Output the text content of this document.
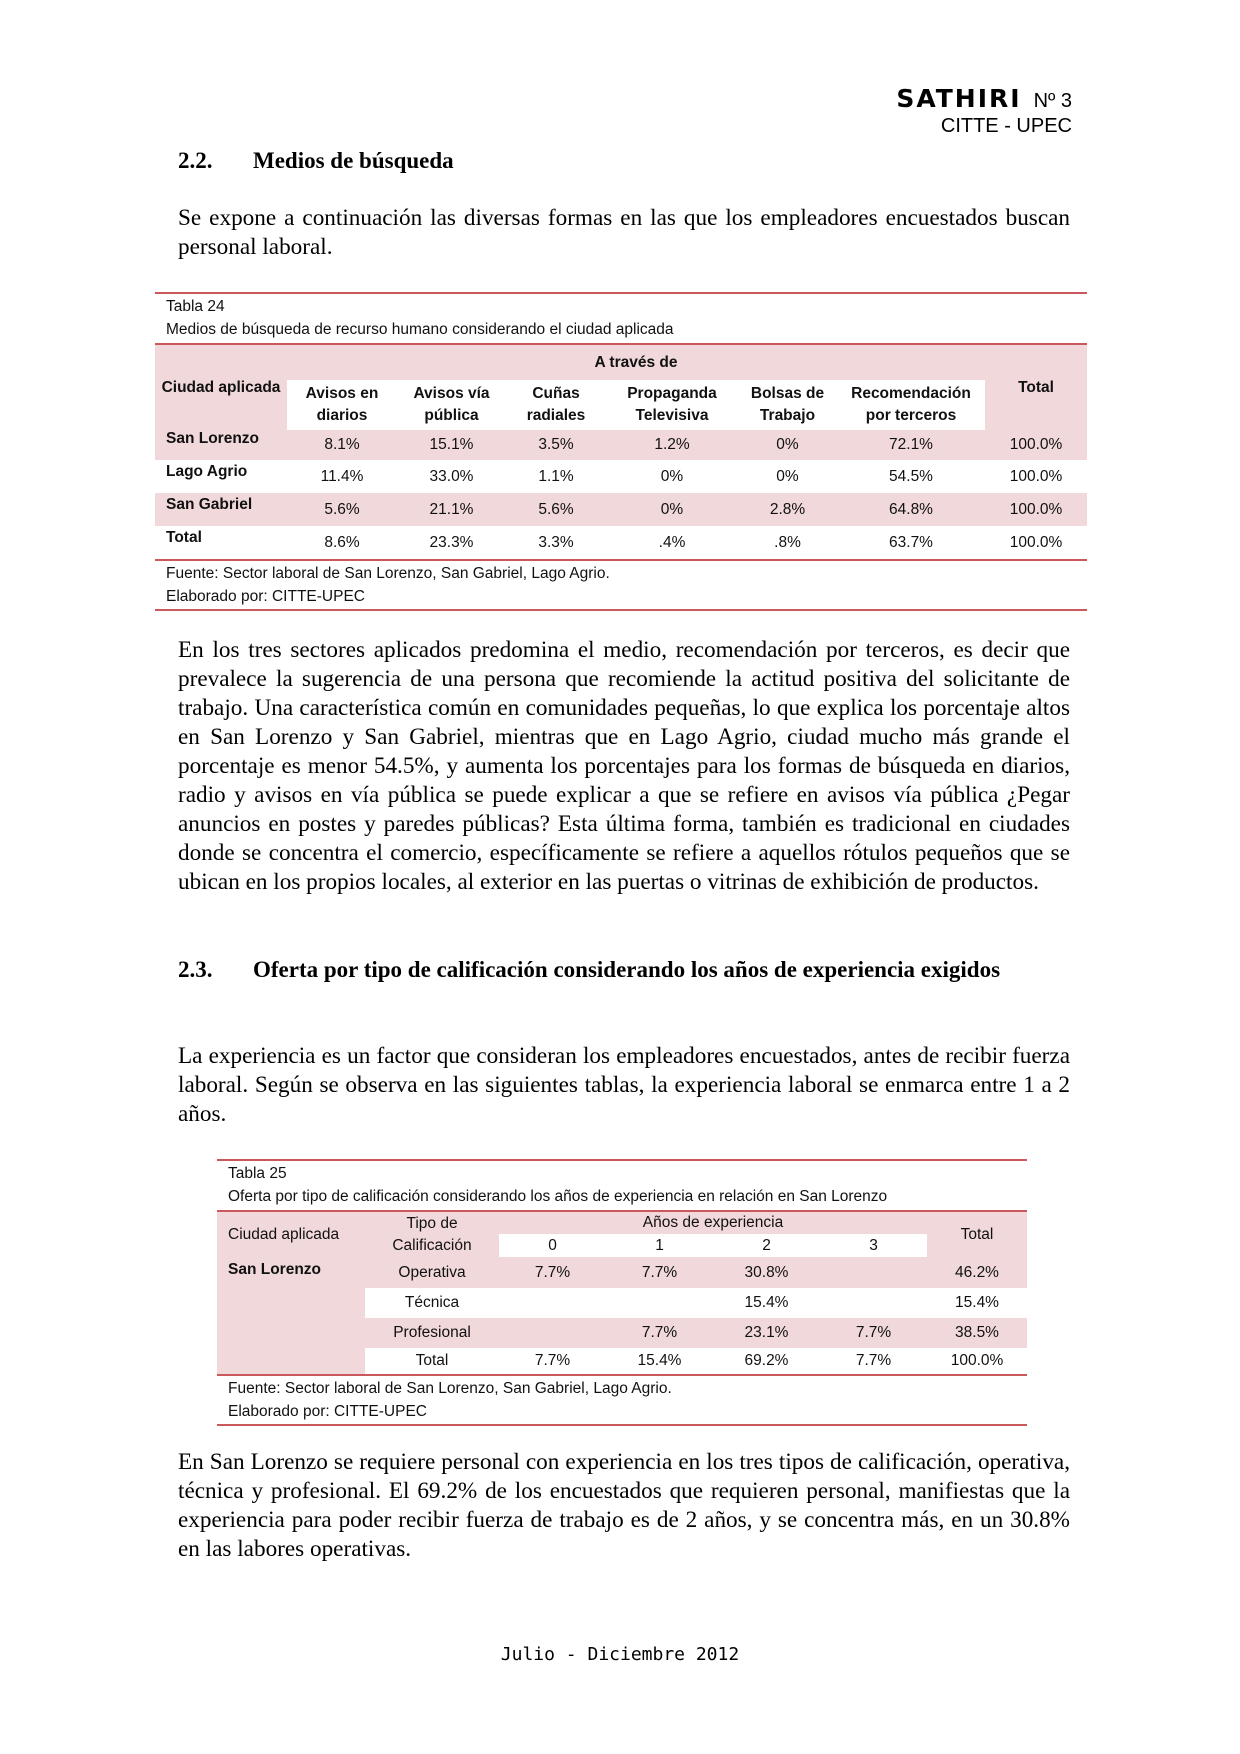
SATHIRI Nº 3
CITTE - UPEC
2.2. Medios de búsqueda

Se expone a continuación las diversas formas en las que los empleadores encuestados buscan personal laboral.

Tabla 24
Medios de búsqueda de recurso humano considerando el ciudad aplicada
Ciudad aplicada	A través de						Total
	Avisos en diarios	Avisos vía pública	Cuñas radiales	Propaganda Televisiva	Bolsas de Trabajo	Recomendación por terceros	
San Lorenzo	8.1%	15.1%	3.5%	1.2%	0%	72.1%	100.0%
Lago Agrio	11.4%	33.0%	1.1%	0%	0%	54.5%	100.0%
San Gabriel	5.6%	21.1%	5.6%	0%	2.8%	64.8%	100.0%
Total	8.6%	23.3%	3.3%	.4%	.8%	63.7%	100.0%
Fuente: Sector laboral de San Lorenzo, San Gabriel, Lago Agrio.
Elaborado por: CITTE-UPEC

En los tres sectores aplicados predomina el medio, recomendación por terceros, es decir que prevalece la sugerencia de una persona que recomiende la actitud positiva del solicitante de trabajo. Una característica común en comunidades pequeñas, lo que explica los porcentaje altos en San Lorenzo y San Gabriel, mientras que en Lago Agrio, ciudad mucho más grande el porcentaje es menor 54.5%, y aumenta los porcentajes para los formas de búsqueda en diarios, radio y avisos en vía pública se puede explicar a que se refiere en avisos vía pública ¿Pegar anuncios en postes y paredes públicas? Esta última forma, también es tradicional en ciudades donde se concentra el comercio, específicamente se refiere a aquellos rótulos pequeños que se ubican en los propios locales, al exterior en las puertas o vitrinas de exhibición de productos.

2.3. Oferta por tipo de calificación considerando los años de experiencia exigidos

La experiencia es un factor que consideran los empleadores encuestados, antes de recibir fuerza laboral. Según se observa en las siguientes tablas, la experiencia laboral se enmarca entre 1 a 2 años.

Tabla 25
Oferta por tipo de calificación considerando los años de experiencia en relación en San Lorenzo
Ciudad aplicada	Tipo de Calificación	Años de experiencia				Total
		0	1	2	3	
San Lorenzo	Operativa	7.7%	7.7%	30.8%		46.2%
	Técnica			15.4%		15.4%
	Profesional		7.7%	23.1%	7.7%	38.5%
	Total	7.7%	15.4%	69.2%	7.7%	100.0%
Fuente: Sector laboral de San Lorenzo, San Gabriel, Lago Agrio.
Elaborado por: CITTE-UPEC

En San Lorenzo se requiere personal con experiencia en los tres tipos de calificación, operativa, técnica y profesional. El 69.2% de los encuestados que requieren personal, manifiestas que la experiencia para poder recibir fuerza de trabajo es de 2 años, y se concentra más, en un 30.8% en las labores operativas.

Julio - Diciembre 2012
